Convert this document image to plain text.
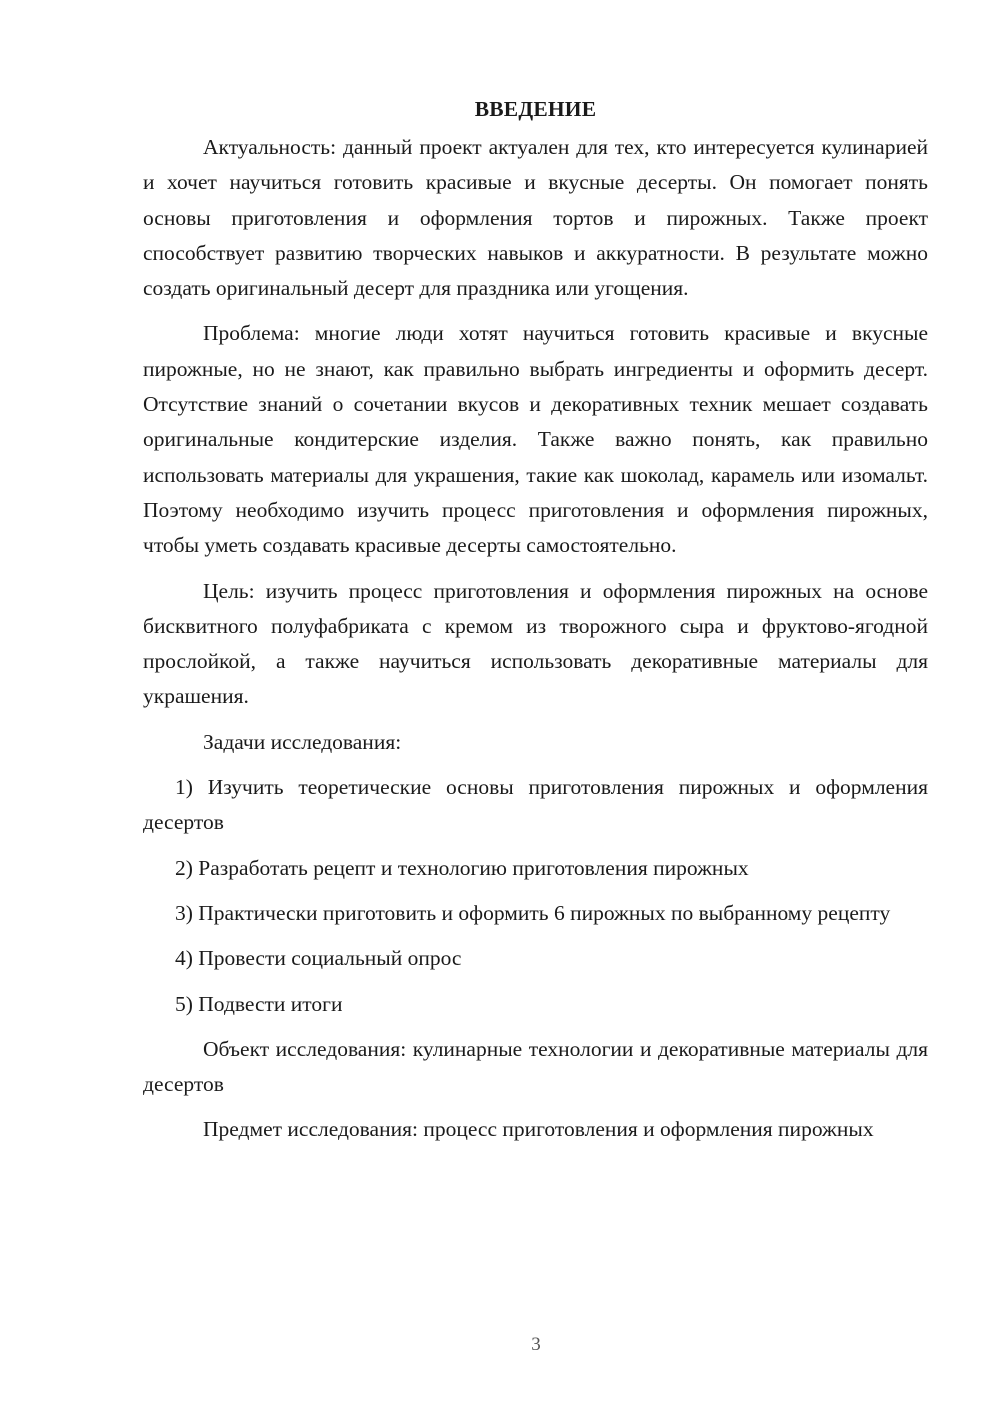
ВВЕДЕНИЕ

Актуальность: данный проект актуален для тех, кто интересуется кулинарией и хочет научиться готовить красивые и вкусные десерты. Он помогает понять основы приготовления и оформления тортов и пирожных. Также проект способствует развитию творческих навыков и аккуратности. В результате можно создать оригинальный десерт для праздника или угощения.

Проблема: многие люди хотят научиться готовить красивые и вкусные пирожные, но не знают, как правильно выбрать ингредиенты и оформить десерт. Отсутствие знаний о сочетании вкусов и декоративных техник мешает создавать оригинальные кондитерские изделия. Также важно понять, как правильно использовать материалы для украшения, такие как шоколад, карамель или изомальт. Поэтому необходимо изучить процесс приготовления и оформления пирожных, чтобы уметь создавать красивые десерты самостоятельно.

Цель: изучить процесс приготовления и оформления пирожных на основе бисквитного полуфабриката с кремом из творожного сыра и фруктово-ягодной прослойкой, а также научиться использовать декоративные материалы для украшения.

Задачи исследования:

1) Изучить теоретические основы приготовления пирожных и оформления десертов

2) Разработать рецепт и технологию приготовления пирожных

3) Практически приготовить и оформить 6 пирожных по выбранному рецепту

4) Провести социальный опрос

5) Подвести итоги

Объект исследования: кулинарные технологии и декоративные материалы для десертов

Предмет исследования: процесс приготовления и оформления пирожных

3
